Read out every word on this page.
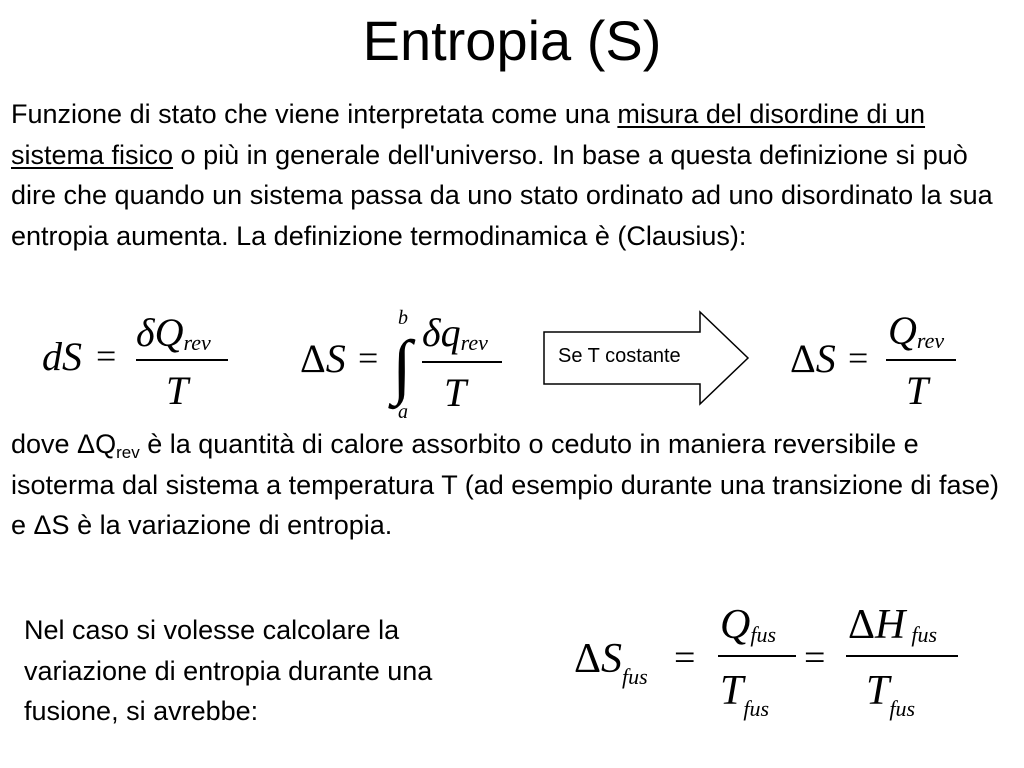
Entropia (S)
Funzione di stato che viene interpretata come una misura del disordine di un sistema fisico o più in generale dell'universo. In base a questa definizione si può dire che quando un sistema passa da uno stato ordinato ad uno disordinato la sua entropia aumenta. La definizione termodinamica è (Clausius):
dS =
δQrev
T
ΔS =
b
∫
a
δqrev
T
Se T costante	ΔS =
Qrev
T
dove $\Delta Q_{rev}$ è la quantità di calore assorbito o ceduto in maniera reversibile e isoterma dal sistema a temperatura T (ad esempio durante una transizione di fase) e ΔS è la variazione di entropia.
Nel caso si volesse calcolare la variazione di entropia durante una fusione, si avrebbe:
$\Delta S_{fus}$ =
Qfus
$T_{fus}$
=
ΔH fus
$T_{fus}$
